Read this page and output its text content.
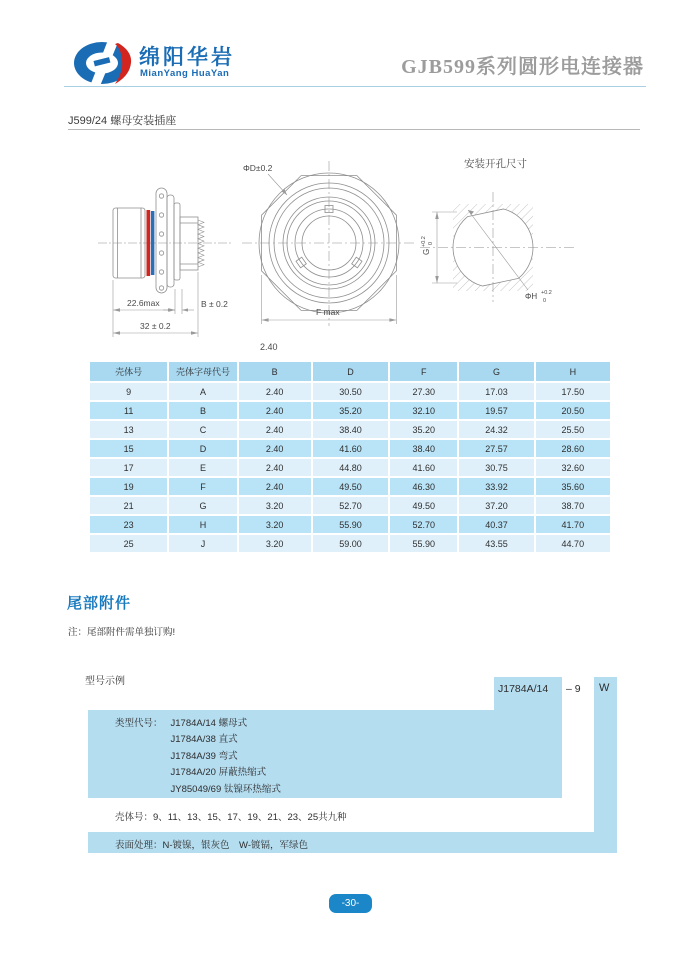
绵阳华岩
MianYang HuaYan	GJB599系列圆形电连接器
J599/24 螺母安装插座
22.6max	B ± 0.2
32 ± 0.2
ΦD±0.2
F max
2.40
安装开孔尺寸
ΦH +0.2
0
G
+0.2 0
壳体号	壳体字母代号	B	D	F	G	H
9	A	2.40	30.50	27.30	17.03	17.50
11	B	2.40	35.20	32.10	19.57	20.50
13	C	2.40	38.40	35.20	24.32	25.50
15	D	2.40	41.60	38.40	27.57	28.60
17	E	2.40	44.80	41.60	30.75	32.60
19	F	2.40	49.50	46.30	33.92	35.60
21	G	3.20	52.70	49.50	37.20	38.70
23	H	3.20	55.90	52.70	40.37	41.70
25	J	3.20	59.00	55.90	43.55	44.70
尾部附件
注：尾部附件需单独订购!
型号示例
J1784A/14 – 9 W
类型代号： J1784A/14 螺母式
J1784A/38 直式
J1784A/39 弯式
J1784A/20 屏蔽热缩式
JY85049/69 钛镍环热缩式
壳体号：9、11、13、15、17、19、21、23、25共九种
表面处理：N-镀镍，银灰色　W-镀镉，军绿色
-30-
